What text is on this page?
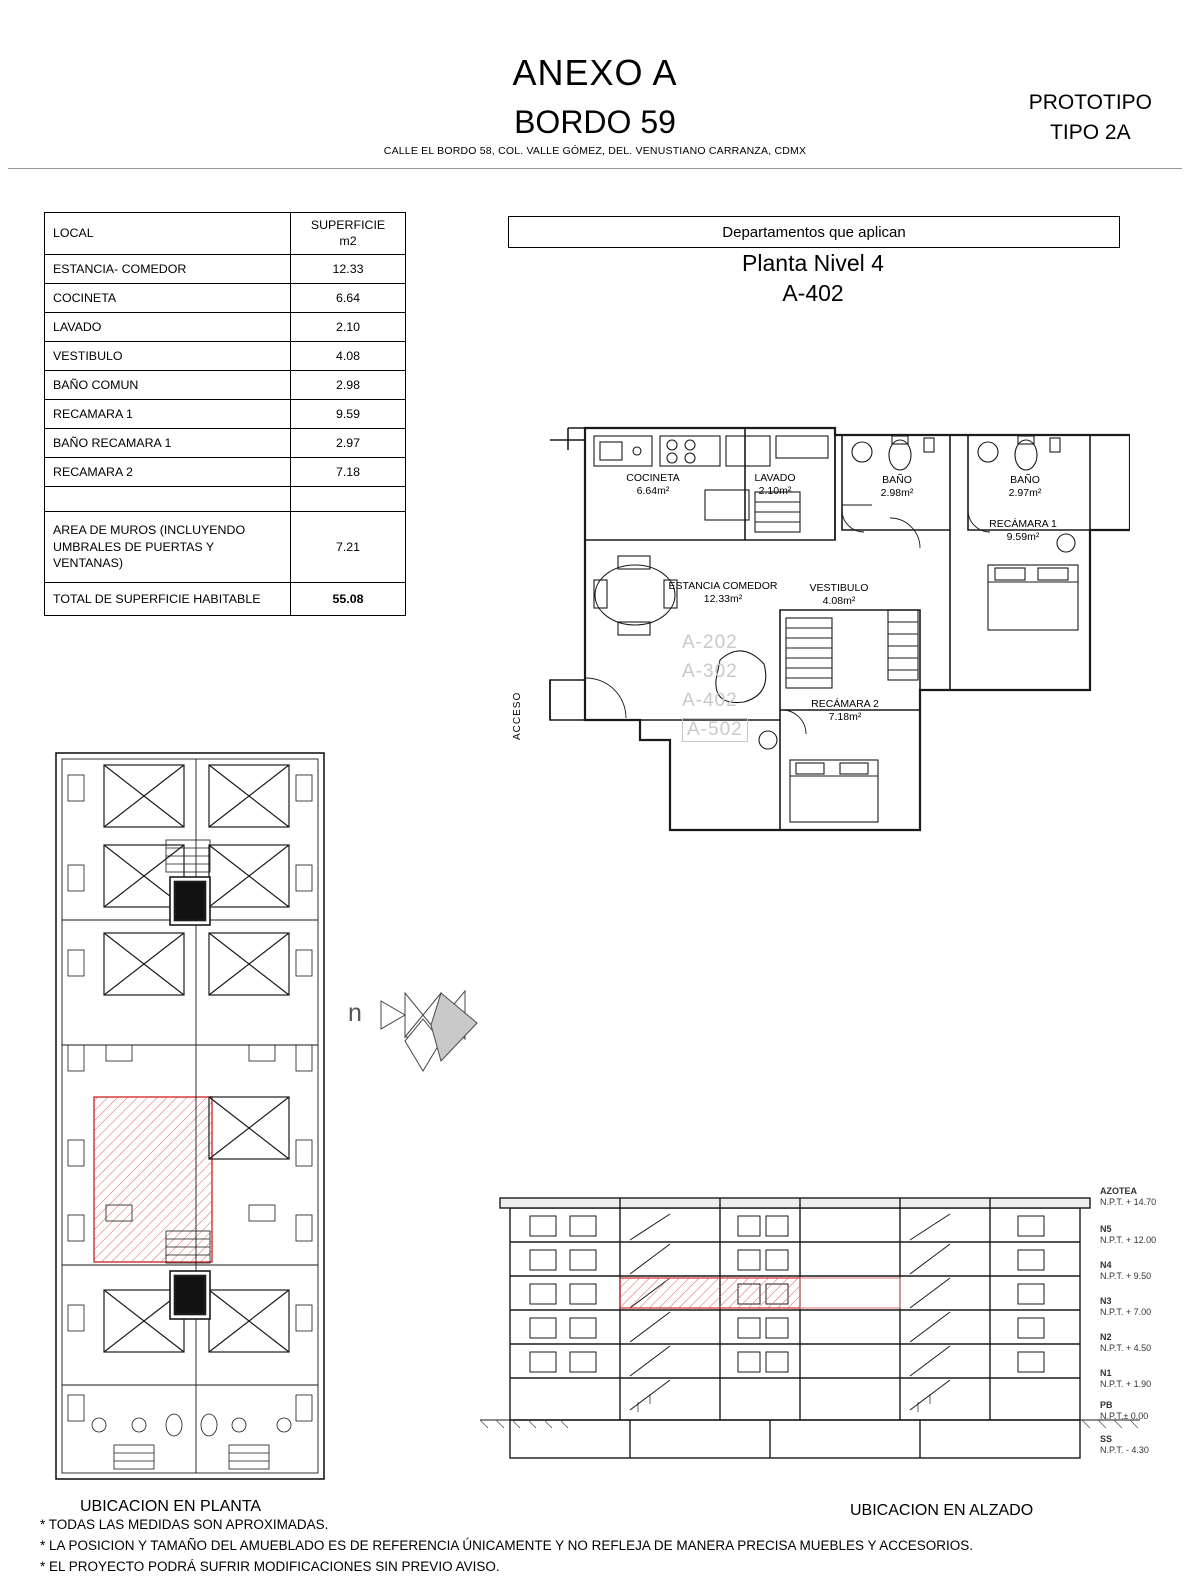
ANEXO A
BORDO 59
CALLE EL BORDO 58, COL. VALLE GÓMEZ, DEL. VENUSTIANO CARRANZA, CDMX
PROTOTIPO
TIPO 2A
LOCAL	SUPERFICIE
m2
ESTANCIA- COMEDOR	12.33
COCINETA	6.64
LAVADO	2.10
VESTIBULO	4.08
BAÑO COMUN	2.98
RECAMARA 1	9.59
BAÑO RECAMARA 1	2.97
RECAMARA 2	7.18

AREA DE MUROS (INCLUYENDO UMBRALES DE PUERTAS Y VENTANAS)	7.21
TOTAL DE SUPERFICIE HABITABLE	55.08
Departamentos que aplican
Planta Nivel 4
A-402
COCINETA
6.64m²
LAVADO
2.10m²
BAÑO
2.98m²
BAÑO
2.97m²
RECÁMARA 1
9.59m²
ESTANCIA COMEDOR
12.33m²
VESTIBULO
4.08m²
RECÁMARA 2
7.18m²
ACCESO
A-202
A-302
A-402
A-502
UBICACION EN PLANTA
n
AZOTEA
N.P.T. + 14.70
N5
N.P.T. + 12.00
N4
N.P.T. + 9.50
N3
N.P.T. + 7.00
N2
N.P.T. + 4.50
N1
N.P.T. + 1.90
PB
N.P.T.± 0.00
SS
N.P.T. - 4.30
UBICACION EN ALZADO
* TODAS LAS MEDIDAS SON APROXIMADAS.
* LA POSICION Y TAMAÑO DEL AMUEBLADO ES DE REFERENCIA ÚNICAMENTE Y NO REFLEJA DE MANERA PRECISA MUEBLES Y ACCESORIOS.
* EL PROYECTO PODRÁ SUFRIR MODIFICACIONES SIN PREVIO AVISO.
